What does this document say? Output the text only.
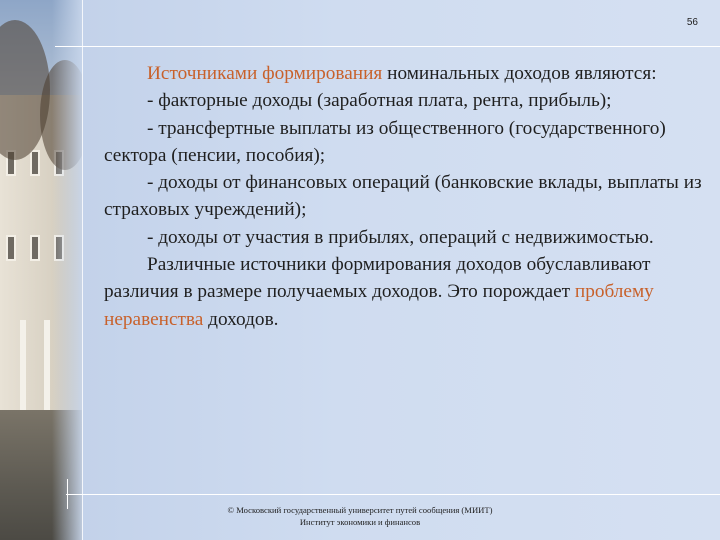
56

Источниками формирования номинальных доходов являются:

- факторные доходы (заработная плата, рента, прибыль);

- трансфертные выплаты из общественного (государственного) сектора (пенсии, пособия);

- доходы от финансовых операций (банковские вклады, выплаты из страховых учреждений);

- доходы от участия в прибылях, операций с недвижимостью.

Различные источники формирования доходов обуславливают различия в размере получаемых доходов. Это порождает проблему неравенства доходов.

© Московский государственный университет путей сообщения (МИИТ)
Институт экономики и финансов
